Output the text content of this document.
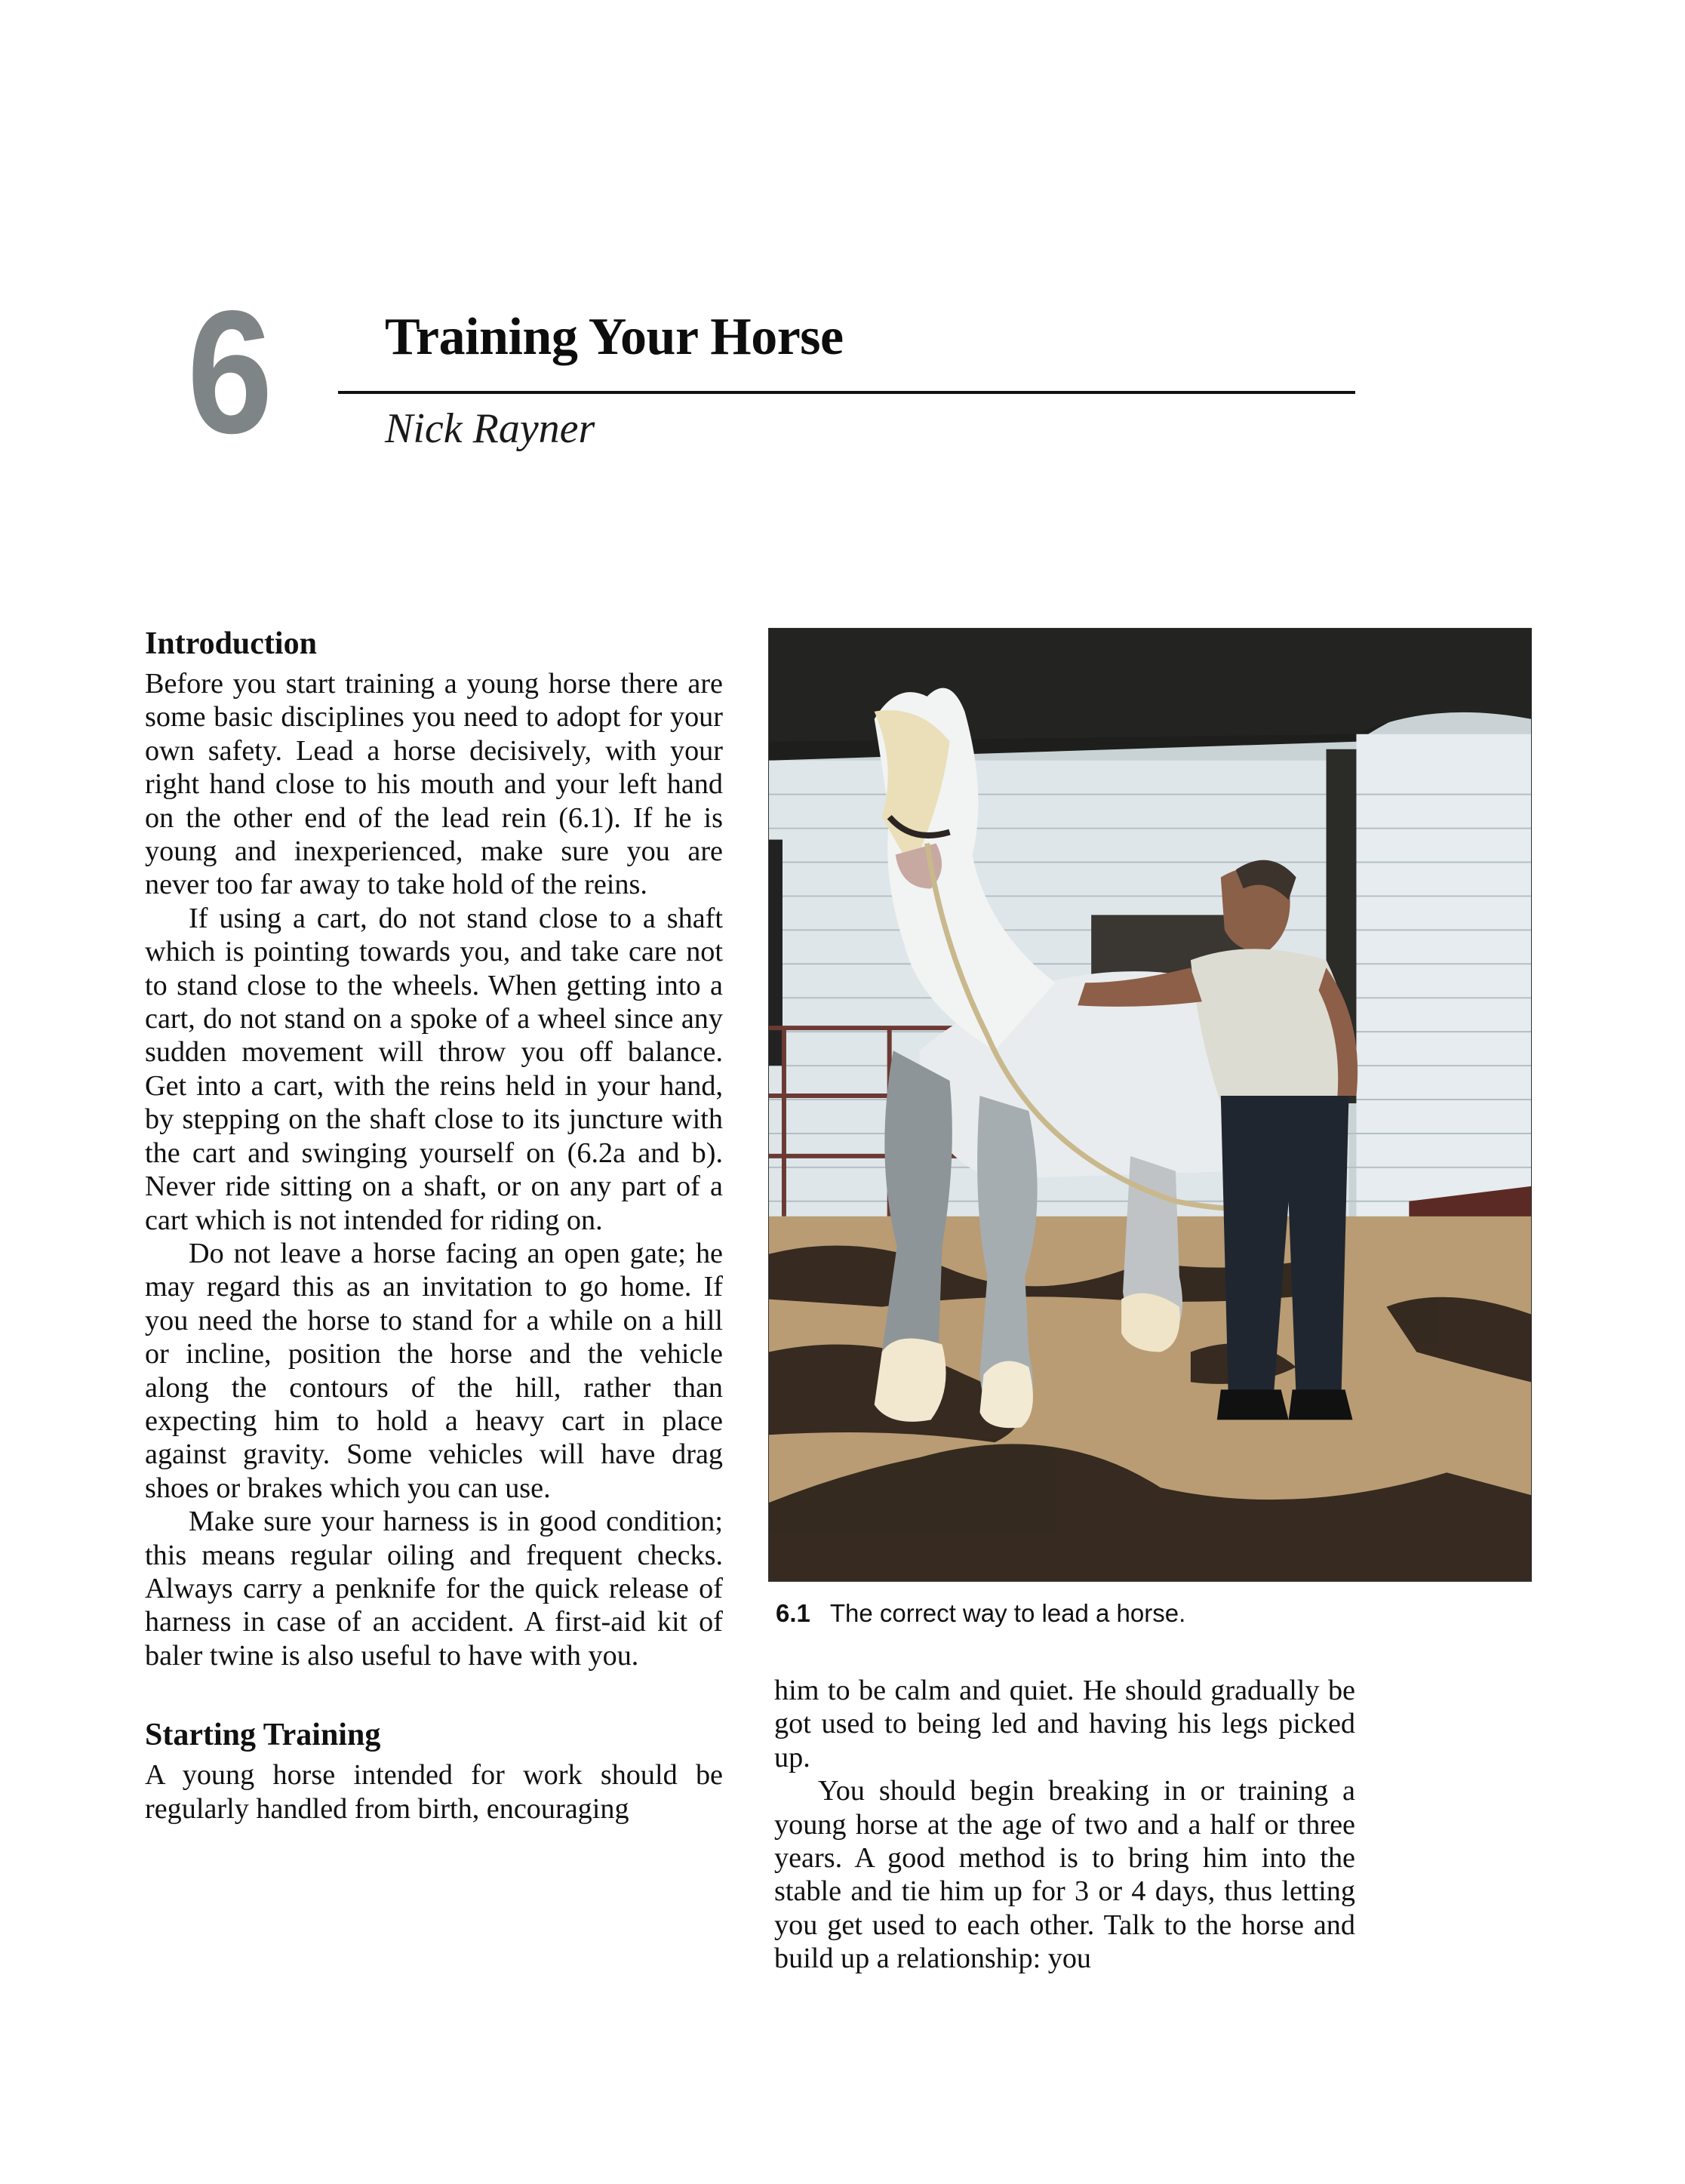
6 Training Your Horse
Nick Rayner
Introduction

Before you start training a young horse there are some basic disciplines you need to adopt for your own safety. Lead a horse decisively, with your right hand close to his mouth and your left hand on the other end of the lead rein (6.1). If he is young and inexperienced, make sure you are never too far away to take hold of the reins.

If using a cart, do not stand close to a shaft which is pointing towards you, and take care not to stand close to the wheels. When getting into a cart, do not stand on a spoke of a wheel since any sudden movement will throw you off balance. Get into a cart, with the reins held in your hand, by stepping on the shaft close to its juncture with the cart and swinging yourself on (6.2a and b). Never ride sitting on a shaft, or on any part of a cart which is not intended for riding on.

Do not leave a horse facing an open gate; he may regard this as an invitation to go home. If you need the horse to stand for a while on a hill or incline, position the horse and the vehicle along the contours of the hill, rather than expecting him to hold a heavy cart in place against gravity. Some vehicles will have drag shoes or brakes which you can use.

Make sure your harness is in good condition; this means regular oiling and frequent checks. Always carry a penknife for the quick release of harness in case of an accident. A first-aid kit of baler twine is also useful to have with you.

Starting Training

A young horse intended for work should be regularly handled from birth, encouraging

6.1 The correct way to lead a horse.

him to be calm and quiet. He should gradually be got used to being led and having his legs picked up.

You should begin breaking in or training a young horse at the age of two and a half or three years. A good method is to bring him into the stable and tie him up for 3 or 4 days, thus letting you get used to each other. Talk to the horse and build up a relationship: you
